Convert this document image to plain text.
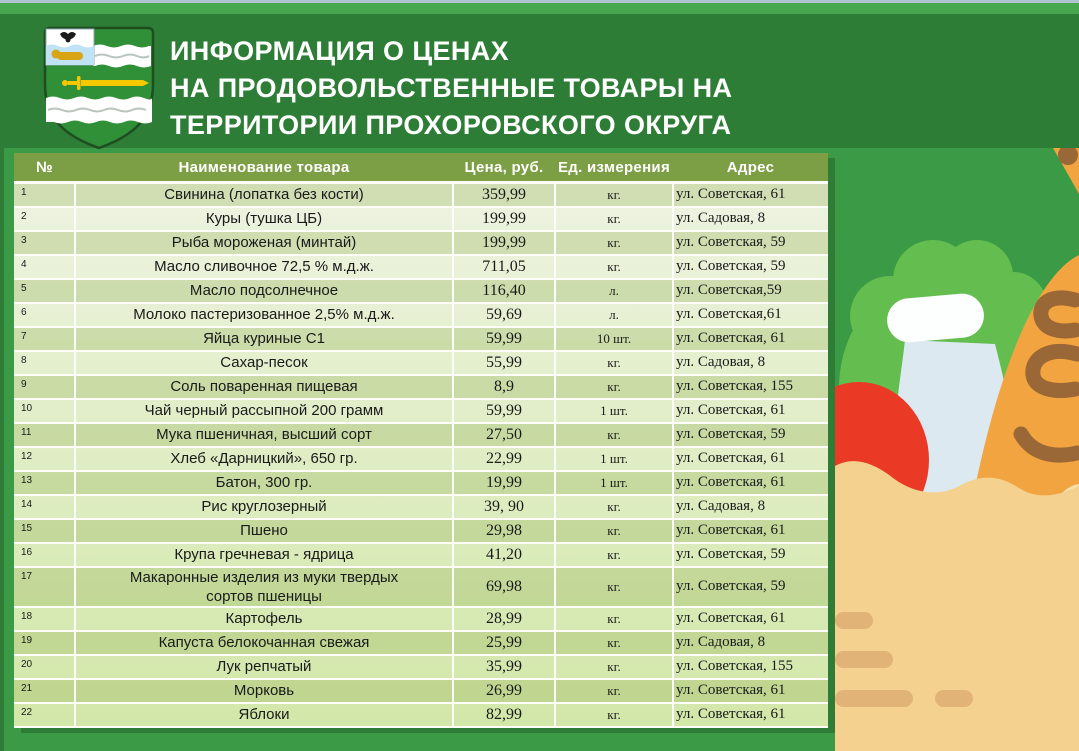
ИНФОРМАЦИЯ О ЦЕНАХ
НА ПРОДОВОЛЬСТВЕННЫЕ ТОВАРЫ НА
ТЕРРИТОРИИ ПРОХОРОВСКОГО ОКРУГА
№	Наименование товара	Цена, руб.	Ед. измерения	Адрес
1	Свинина (лопатка без кости)	359,99	кг.	ул. Советская, 61
2	Куры (тушка ЦБ)	199,99	кг.	ул. Садовая, 8
3	Рыба мороженая (минтай)	199,99	кг.	ул. Советская, 59
4	Масло сливочное 72,5 % м.д.ж.	711,05	кг.	ул. Советская, 59
5	Масло подсолнечное	116,40	л.	ул. Советская,59
6	Молоко пастеризованное 2,5% м.д.ж.	59,69	л.	ул. Советская,61
7	Яйца куриные С1	59,99	10 шт.	ул. Советская, 61
8	Сахар-песок	55,99	кг.	ул. Садовая, 8
9	Соль поваренная пищевая	8,9	кг.	ул. Советская, 155
10	Чай черный рассыпной 200 грамм	59,99	1 шт.	ул. Советская, 61
11	Мука пшеничная, высший сорт	27,50	кг.	ул. Советская, 59
12	Хлеб «Дарницкий», 650 гр.	22,99	1 шт.	ул. Советская, 61
13	Батон, 300 гр.	19,99	1 шт.	ул. Советская, 61
14	Рис круглозерный	39, 90	кг.	ул. Садовая, 8
15	Пшено	29,98	кг.	ул. Советская, 61
16	Крупа гречневая - ядрица	41,20	кг.	ул. Советская, 59
17	Макаронные изделия из муки твердых сортов пшеницы	69,98	кг.	ул. Советская, 59
18	Картофель	28,99	кг.	ул. Советская, 61
19	Капуста белокочанная свежая	25,99	кг.	ул. Садовая, 8
20	Лук репчатый	35,99	кг.	ул. Советская, 155
21	Морковь	26,99	кг.	ул. Советская, 61
22	Яблоки	82,99	кг.	ул. Советская, 61
